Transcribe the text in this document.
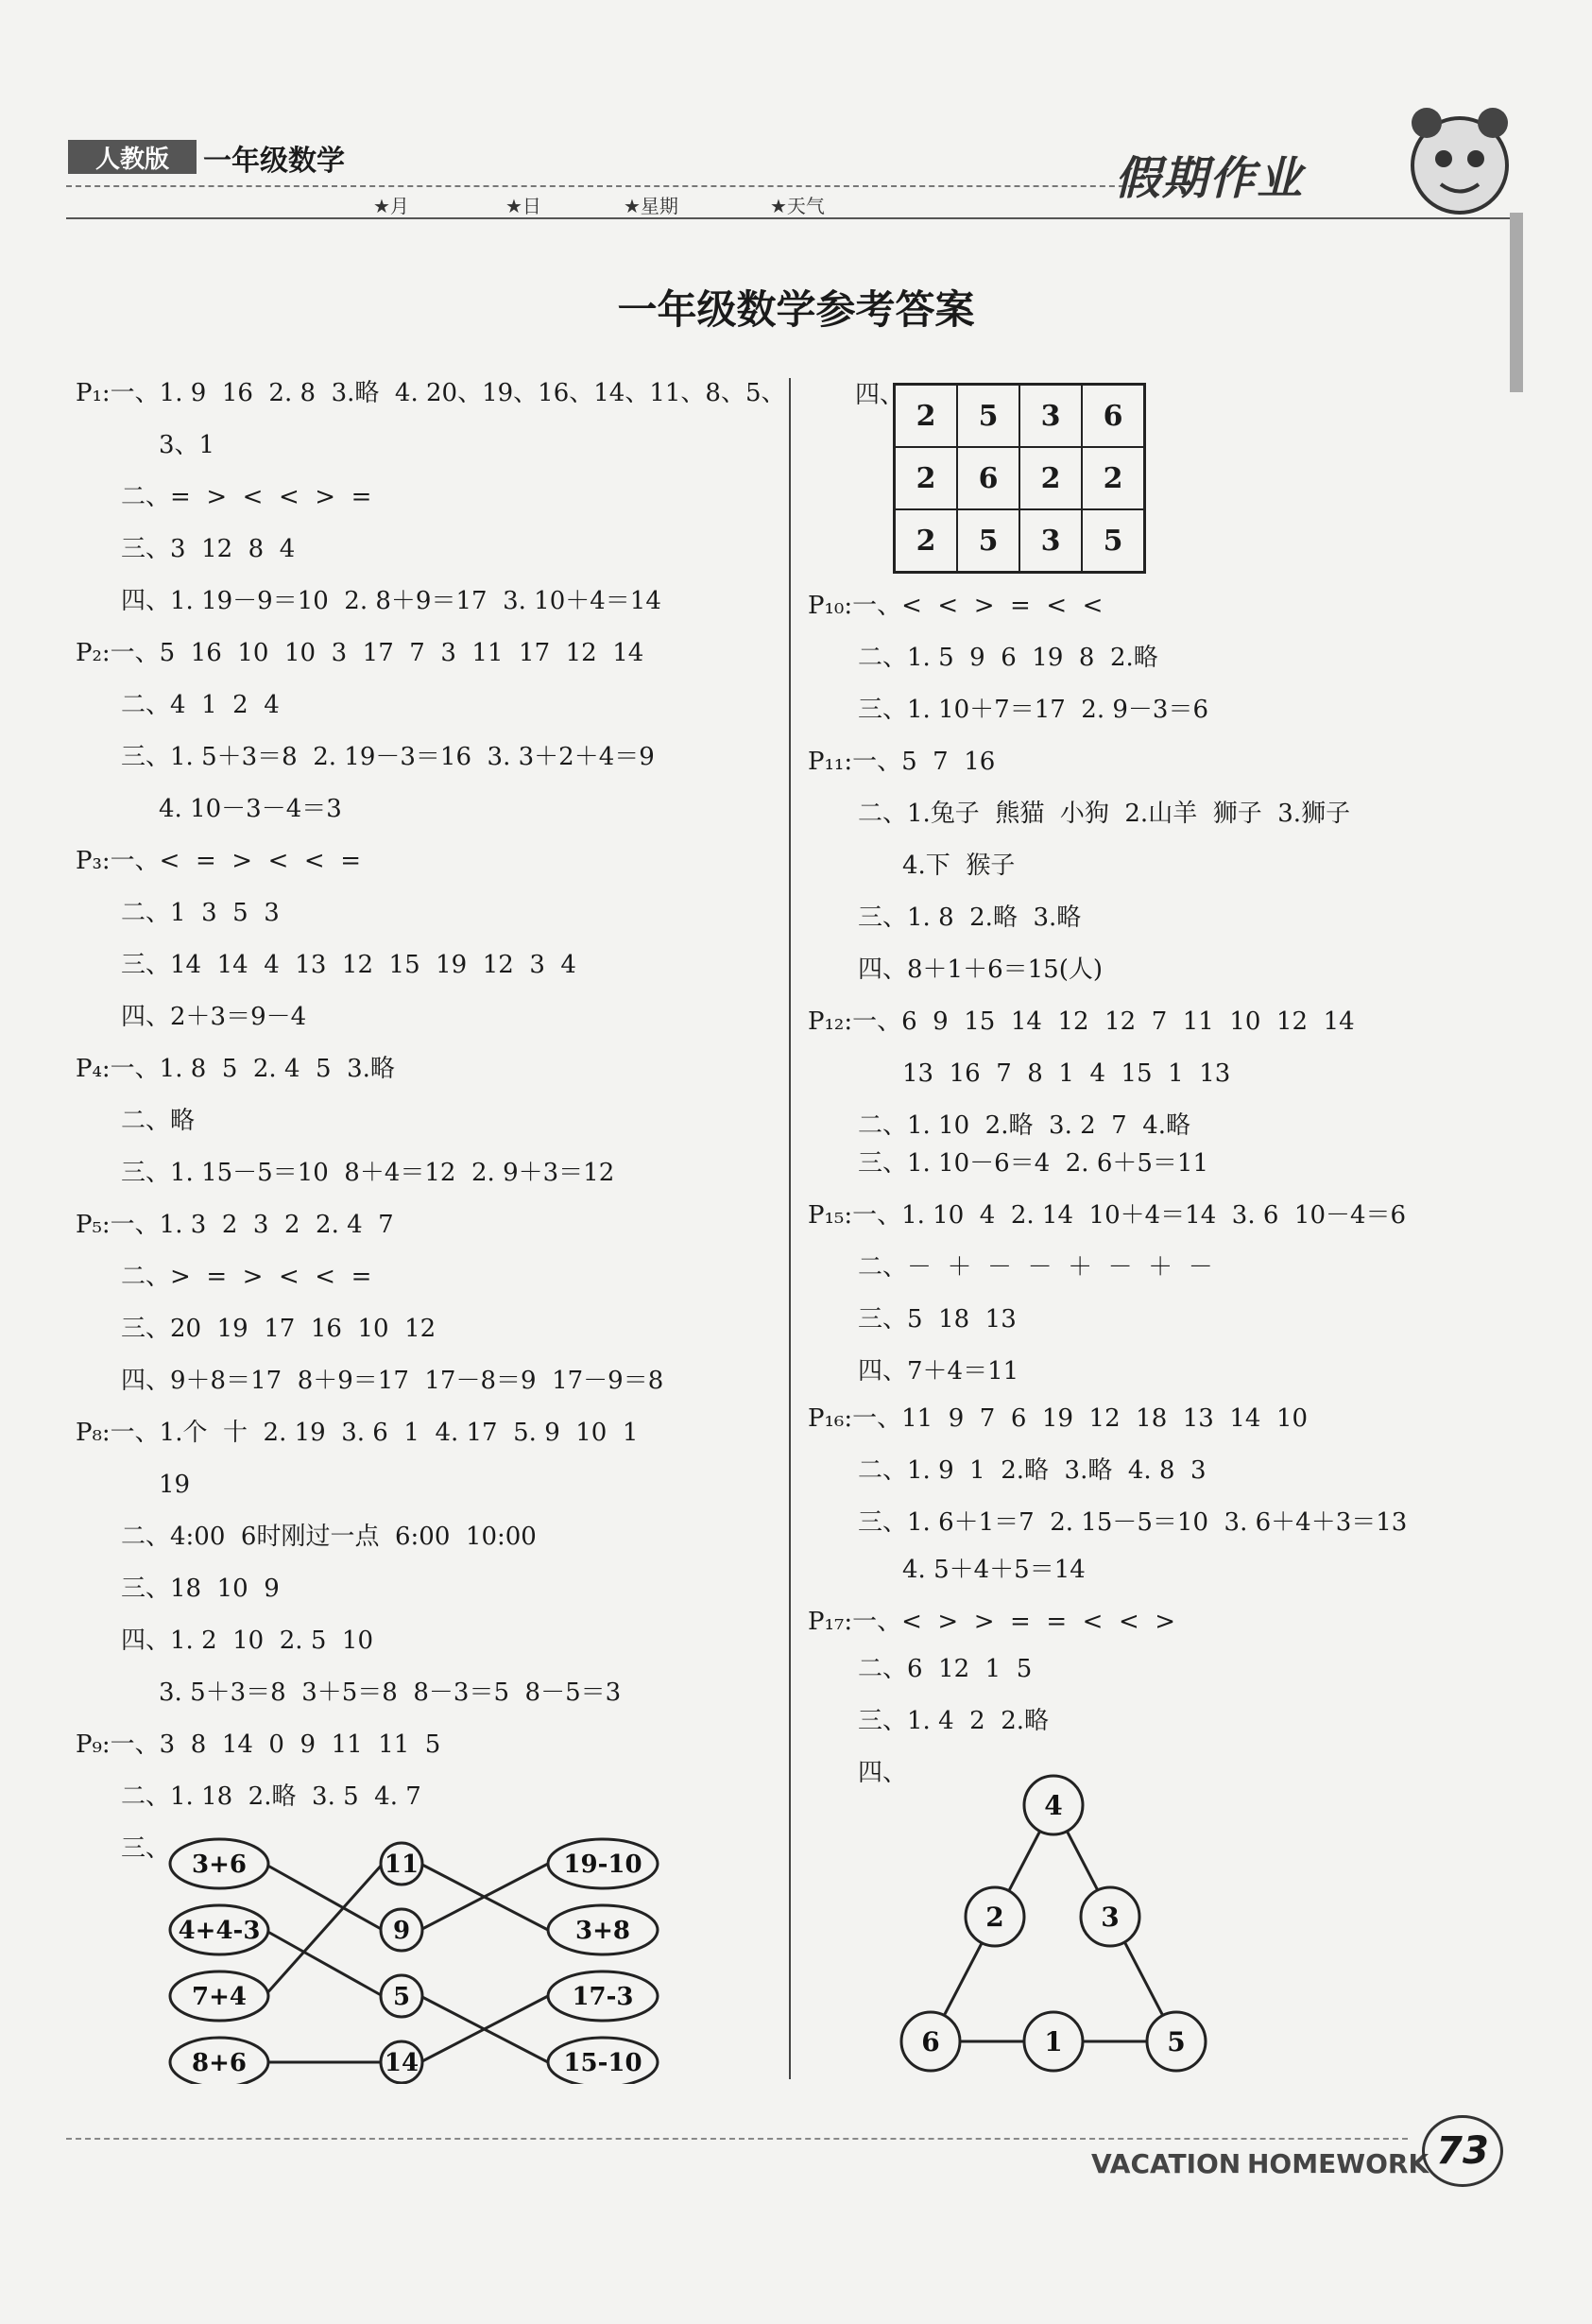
人教版	一年级数学
★月	★日	★星期	★天气
假期作业
一年级数学参考答案
P₁:一、1. 9  16  2. 8  3.略  4. 20、19、16、14、11、8、5、
3、1
二、=  >  <  <  >  =
三、3  12  8  4
四、1. 19－9＝10  2. 8＋9＝17  3. 10＋4＝14
P₂:一、5  16  10  10  3  17  7  3  11  17  12  14
二、4  1  2  4
三、1. 5＋3＝8  2. 19－3＝16  3. 3＋2＋4＝9
4. 10－3－4＝3
P₃:一、<  =  >  <  <  =
二、1  3  5  3
三、14  14  4  13  12  15  19  12  3  4
四、2＋3＝9－4
P₄:一、1. 8  5  2. 4  5  3.略
二、略
三、1. 15－5＝10  8＋4＝12  2. 9＋3＝12
P₅:一、1. 3  2  3  2  2. 4  7
二、>  =  >  <  <  =
三、20  19  17  16  10  12
四、9＋8＝17  8＋9＝17  17－8＝9  17－9＝8
P₈:一、1.个  十  2. 19  3. 6  1  4. 17  5. 9  10  1
19
二、4:00  6时刚过一点  6:00  10:00
三、18  10  9
四、1. 2  10  2. 5  10
3. 5＋3＝8  3＋5＝8  8－3＝5  8－5＝3
P₉:一、3  8  14  0  9  11  11  5
二、1. 18  2.略  3. 5  4. 7
三、
3+6
4+4-3
7+4
8+6
11
9
5
14
19-10
3+8
17-3
15-10
四、
2	5	3	6
2	6	2	2
2	5	3	5
P₁₀:一、<  <  >  =  <  <
二、1. 5  9  6  19  8  2.略
三、1. 10＋7＝17  2. 9－3＝6
P₁₁:一、5  7  16
二、1.兔子  熊猫  小狗  2.山羊  狮子  3.狮子
4.下  猴子
三、1. 8  2.略  3.略
四、8＋1＋6＝15(人)
P₁₂:一、6  9  15  14  12  12  7  11  10  12  14
13  16  7  8  1  4  15  1  13
二、1. 10  2.略  3. 2  7  4.略
三、1. 10－6＝4  2. 6＋5＝11
P₁₅:一、1. 10  4  2. 14  10＋4＝14  3. 6  10－4＝6
二、－  ＋  －  －  ＋  －  ＋  －
三、5  18  13
四、7＋4＝11
P₁₆:一、11  9  7  6  19  12  18  13  14  10
二、1. 9  1  2.略  3.略  4. 8  3
三、1. 6＋1＝7  2. 15－5＝10  3. 6＋4＋3＝13
4. 5＋4＋5＝14
P₁₇:一、<  >  >  =  =  <  <  >
二、6  12  1  5
三、1. 4  2  2.略
四、
4
2	3
6	1	5
VACATION HOMEWORK 73
